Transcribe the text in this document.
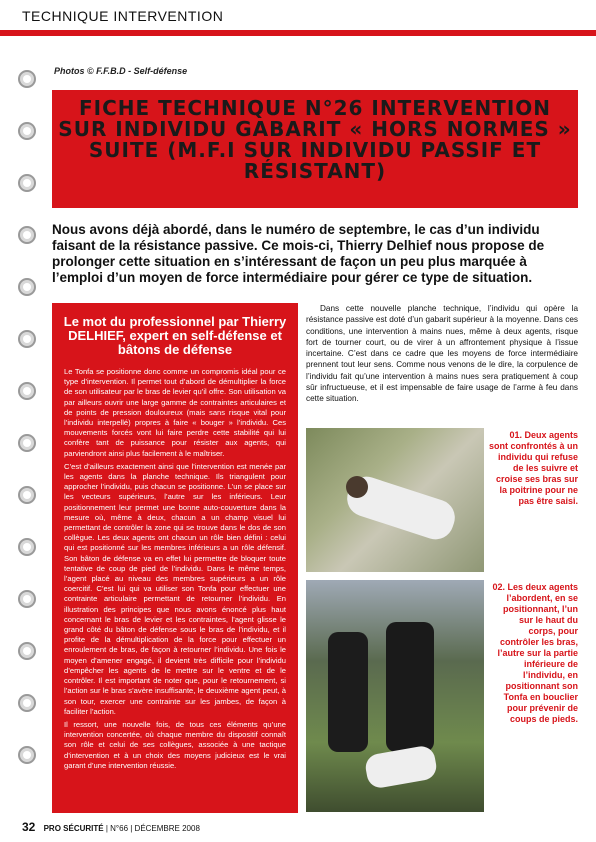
TECHNIQUE INTERVENTION
Photos © F.F.B.D - Self-défense
FICHE TECHNIQUE N°26 INTERVENTION SUR INDIVIDU GABARIT « HORS NORMES » SUITE (M.F.I SUR INDIVIDU PASSIF ET RÉSISTANT)
Nous avons déjà abordé, dans le numéro de septembre, le cas d’un individu faisant de la résistance passive. Ce mois-ci, Thierry Delhief nous propose de prolonger cette situation en s’intéressant de façon un peu plus marquée à l’emploi d’un moyen de force intermédiaire pour gérer ce type de situation.
Le mot du professionnel par Thierry DELHIEF, expert en self-défense et bâtons de défense

Le Tonfa se positionne donc comme un compromis idéal pour ce type d’intervention. Il permet tout d’abord de démultiplier la force de son utilisateur par le bras de levier qu’il offre. Son utilisation va par ailleurs ouvrir une large gamme de contraintes articulaires et de points de pression douloureux (mais sans risque vital pour l’individu interpellé) propres à faire « bouger » l’individu. Ces mouvements forcés vont lui faire perdre cette stabilité qui lui confère tant de puissance pour résister aux agents, qui parviendront ainsi plus facilement à le maîtriser.

C’est d’ailleurs exactement ainsi que l’intervention est menée par les agents dans la planche technique. Ils triangulent pour approcher l’individu, puis chacun se positionne. L’un se place sur les vecteurs supérieurs, l’autre sur les inférieurs. Leur positionnement leur permet une bonne auto-couverture dans la mesure où, même à deux, chacun a un champ visuel lui permettant de contrôler la zone qui se trouve dans le dos de son collègue. Les deux agents ont chacun un rôle bien défini : celui qui est positionné sur les membres inférieurs a un rôle défensif. Son bâton de défense va en effet lui permettre de bloquer toute tentative de coup de pied de l’individu. Dans le même temps, l’agent placé au niveau des membres supérieurs a un rôle coercitif. C’est lui qui va utiliser son Tonfa pour effectuer une contrainte articulaire permettant de retourner l’individu. En illustration des principes que nous avons énoncé plus haut concernant le bras de levier et les contraintes, l’agent glisse le grand côté du bâton de défense sous le bras de l’individu, et il profite de la démultiplication de la force pour effectuer un enroulement de bras, de façon à retourner l’individu. Une fois le moyen d’amener engagé, il devient très difficile pour l’individu d’empêcher les agents de le mettre sur le ventre et de le contrôler. Il est important de noter que, pour le retournement, si l’action sur le bras s’avère insuffisante, le deuxième agent peut, à son tour, exercer une contrainte sur les jambes, de façon à faciliter l’action.

Il ressort, une nouvelle fois, de tous ces éléments qu’une intervention concertée, où chaque membre du dispositif connaît son rôle et celui de ses collègues, associée à une tactique d’intervention et à un choix des moyens judicieux est le vrai garant d’une intervention réussie.

Dans cette nouvelle planche technique, l’individu qui opère la résistance passive est doté d’un gabarit supérieur à la moyenne. Dans ces conditions, une intervention à mains nues, même à deux agents, risque fort de tourner court, ou de virer à un affrontement physique à l’issue incertaine. C’est dans ce cadre que les moyens de force intermédiaire prennent tout leur sens. Comme nous venons de le dire, la corpulence de l’individu fait qu’une intervention à mains nues sera pratiquement à coup sûr infructueuse, et il est impensable de faire usage de l’arme à feu dans cette situation.
01. Deux agents sont confrontés à un individu qui refuse de les suivre et croise ses bras sur la poitrine pour ne pas être saisi.
02. Les deux agents l’abordent, en se positionnant, l’un sur le haut du corps, pour contrôler les bras, l’autre sur la partie inférieure de l’individu, en positionnant son Tonfa en bouclier pour prévenir de coups de pieds.
32 PRO SÉCURITÉ | N°66 | DÉCEMBRE 2008
